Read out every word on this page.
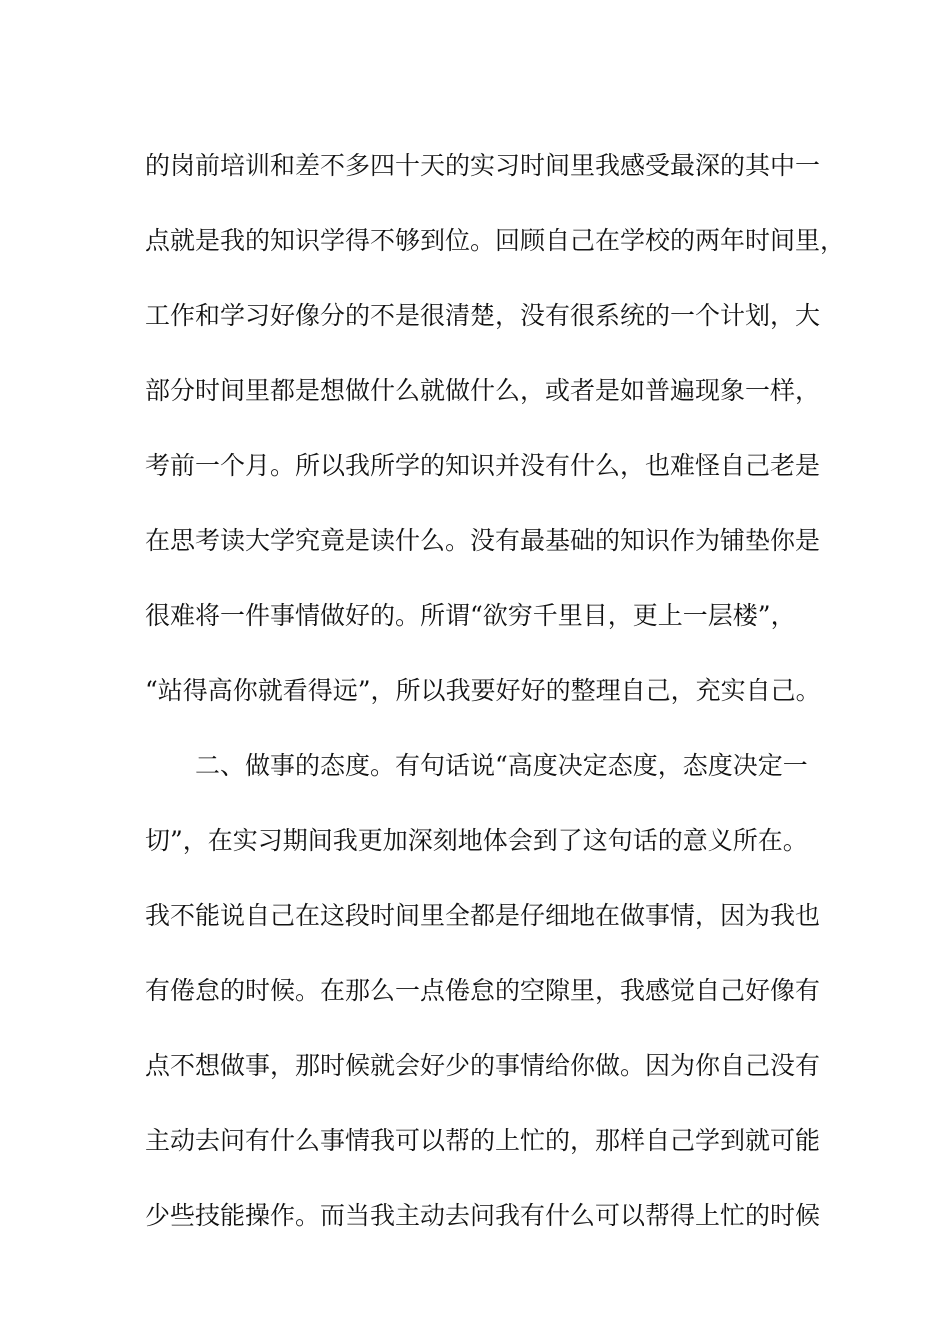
的岗前培训和差不多四十天的实习时间里我感受最深的其中一
点就是我的知识学得不够到位。回顾自己在学校的两年时间里，
工作和学习好像分的不是很清楚，没有很系统的一个计划，大
部分时间里都是想做什么就做什么，或者是如普遍现象一样，
考前一个月。所以我所学的知识并没有什么，也难怪自己老是
在思考读大学究竟是读什么。没有最基础的知识作为铺垫你是
很难将一件事情做好的。所谓“欲穷千里目，更上一层楼”，
“站得高你就看得远”，所以我要好好的整理自己，充实自己。
二、做事的态度。有句话说“高度决定态度，态度决定一
切”，在实习期间我更加深刻地体会到了这句话的意义所在。
我不能说自己在这段时间里全都是仔细地在做事情，因为我也
有倦怠的时候。在那么一点倦怠的空隙里，我感觉自己好像有
点不想做事，那时候就会好少的事情给你做。因为你自己没有
主动去问有什么事情我可以帮的上忙的，那样自己学到就可能
少些技能操作。而当我主动去问我有什么可以帮得上忙的时候
